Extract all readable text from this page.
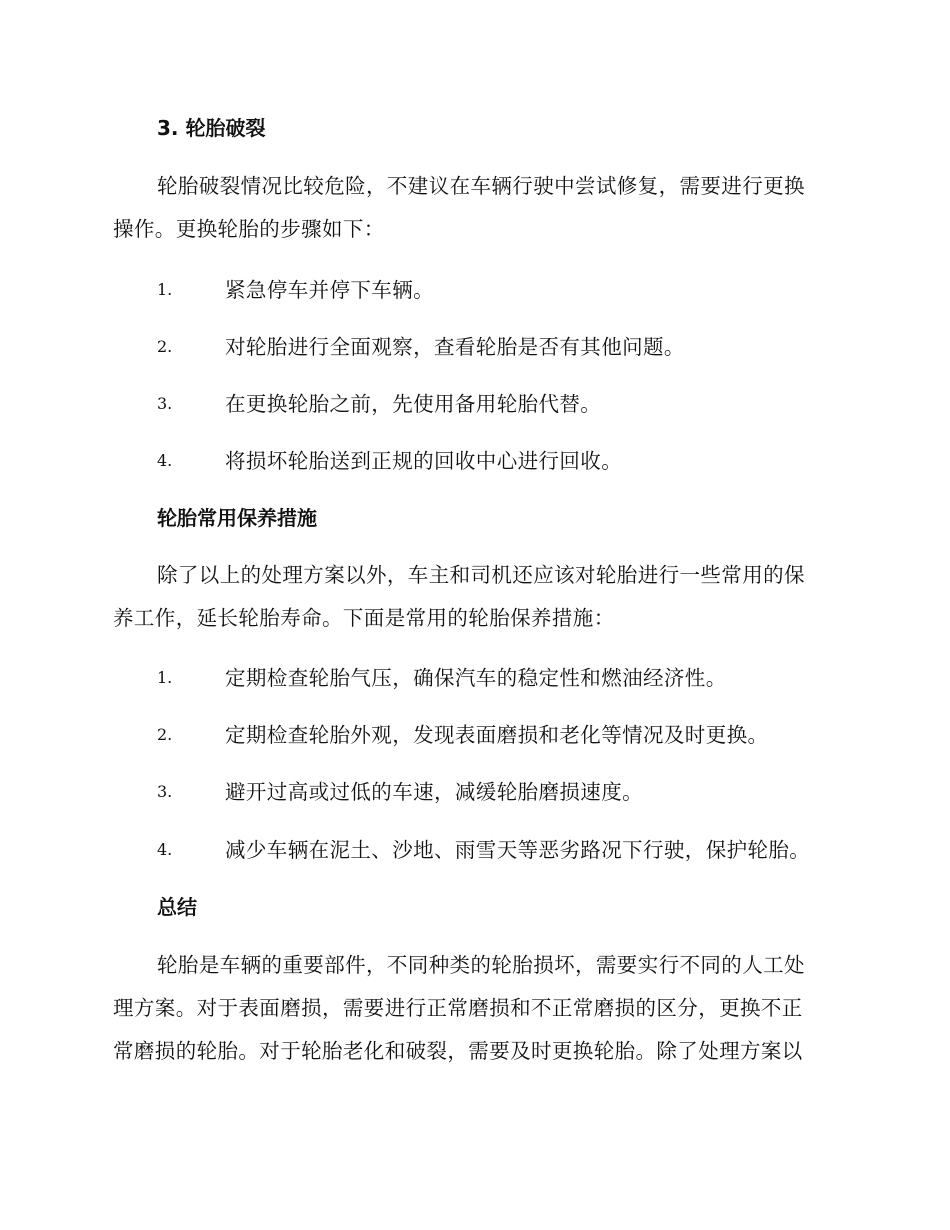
3. 轮胎破裂
轮胎破裂情况比较危险，不建议在车辆行驶中尝试修复，需要进行更换
操作。更换轮胎的步骤如下：
1.	紧急停车并停下车辆。
2.	对轮胎进行全面观察，查看轮胎是否有其他问题。
3.	在更换轮胎之前，先使用备用轮胎代替。
4.	将损坏轮胎送到正规的回收中心进行回收。
轮胎常用保养措施
除了以上的处理方案以外，车主和司机还应该对轮胎进行一些常用的保
养工作，延长轮胎寿命。下面是常用的轮胎保养措施：
1.	定期检查轮胎气压，确保汽车的稳定性和燃油经济性。
2.	定期检查轮胎外观，发现表面磨损和老化等情况及时更换。
3.	避开过高或过低的车速，减缓轮胎磨损速度。
4.	减少车辆在泥土、沙地、雨雪天等恶劣路况下行驶，保护轮胎。
总结
轮胎是车辆的重要部件，不同种类的轮胎损坏，需要实行不同的人工处
理方案。对于表面磨损，需要进行正常磨损和不正常磨损的区分，更换不正
常磨损的轮胎。对于轮胎老化和破裂，需要及时更换轮胎。除了处理方案以
